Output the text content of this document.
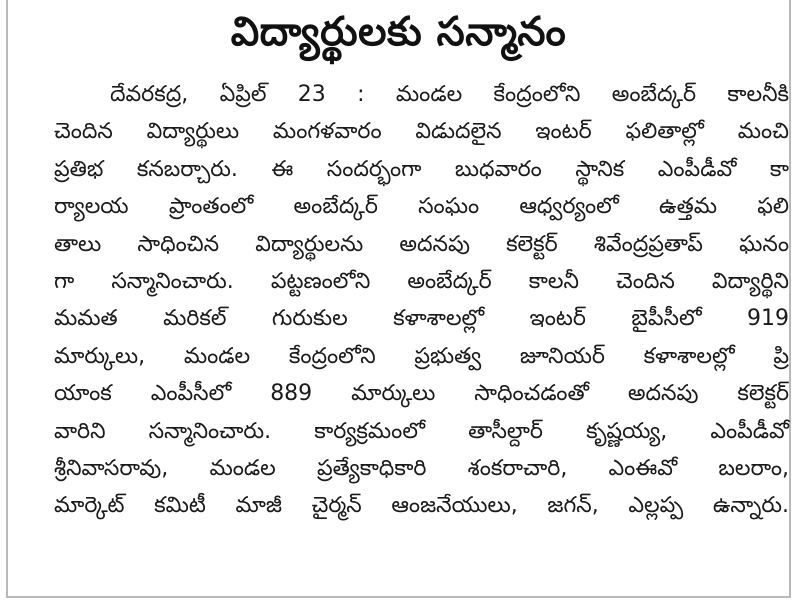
విద్యార్థులకు సన్మానం
దేవరకద్ర, ఏప్రిల్ 23 : మండల కేంద్రంలోని అంబేద్కర్ కాలనీకి
చెందిన విద్యార్థులు మంగళవారం విడుదలైన ఇంటర్ ఫలితాల్లో మంచి
ప్రతిభ కనబర్చారు. ఈ సందర్భంగా బుధవారం స్థానిక ఎంపీడీవో కా
ర్యాలయ ప్రాంతంలో అంబేద్కర్ సంఘం ఆధ్వర్యంలో ఉత్తమ ఫలి
తాలు సాధించిన విద్యార్థులను అదనపు కలెక్టర్ శివేంద్రప్రతాప్ ఘనం
గా సన్మానించారు. పట్టణంలోని అంబేద్కర్ కాలనీ చెందిన విద్యార్థిని
మమత మరికల్ గురుకుల కళాశాలల్లో ఇంటర్ బైపీసీలో 919
మార్కులు, మండల కేంద్రంలోని ప్రభుత్వ జూనియర్ కళాశాలల్లో ప్రి
యాంక ఎంపీసీలో 889 మార్కులు సాధించడంతో అదనపు కలెక్టర్
వారిని సన్మానించారు. కార్యక్రమంలో తాసీల్దార్ కృష్ణయ్య, ఎంపీడీవో
శ్రీనివాసరావు, మండల ప్రత్యేకాధికారి శంకరాచారి, ఎంఈవో బలరాం,
మార్కెట్ కమిటీ మాజీ చైర్మన్ ఆంజనేయులు, జగన్, ఎల్లప్ప ఉన్నారు.
